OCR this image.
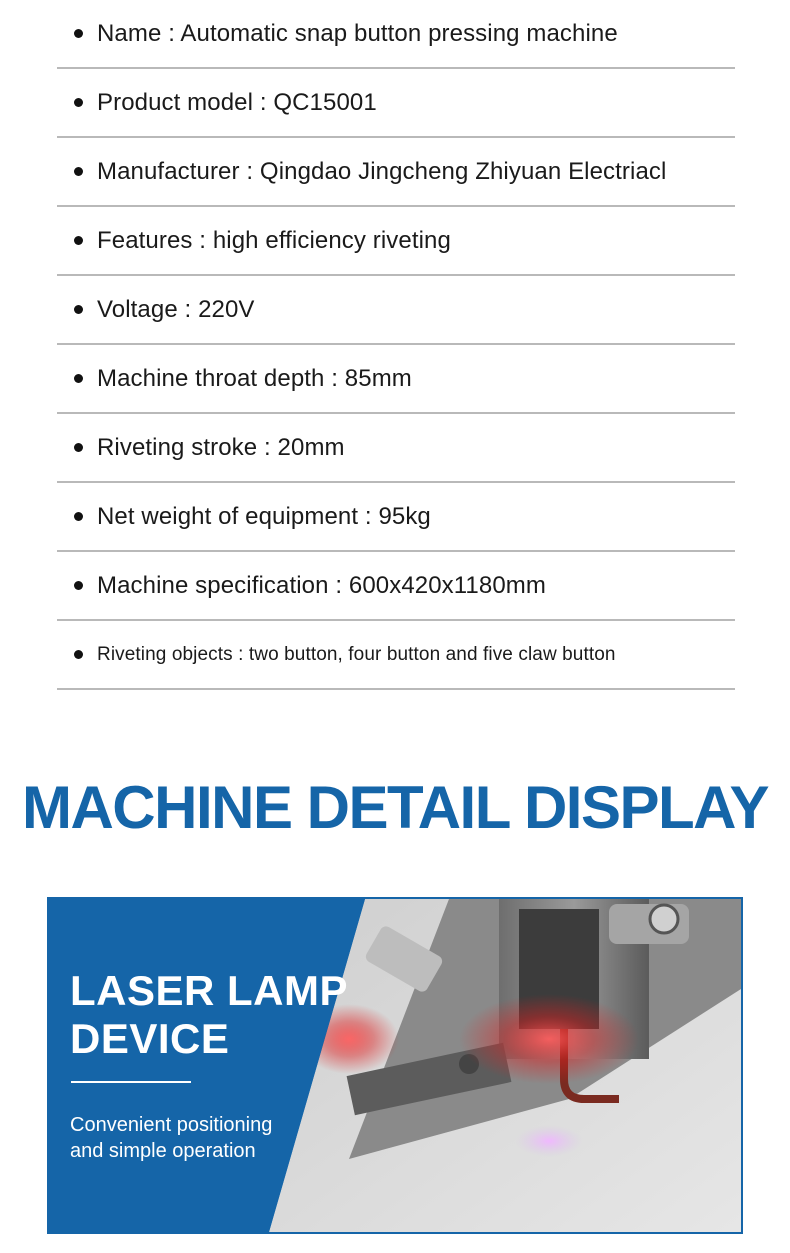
Name : Automatic snap button pressing machine
Product model : QC15001
Manufacturer : Qingdao Jingcheng Zhiyuan Electriacl
Features : high efficiency riveting
Voltage : 220V
Machine throat depth : 85mm
Riveting stroke : 20mm
Net weight of equipment : 95kg
Machine specification : 600x420x1180mm
Riveting objects : two button, four button and five claw button
MACHINE DETAIL DISPLAY
LASER LAMP
DEVICE
Convenient positioning
and simple operation
